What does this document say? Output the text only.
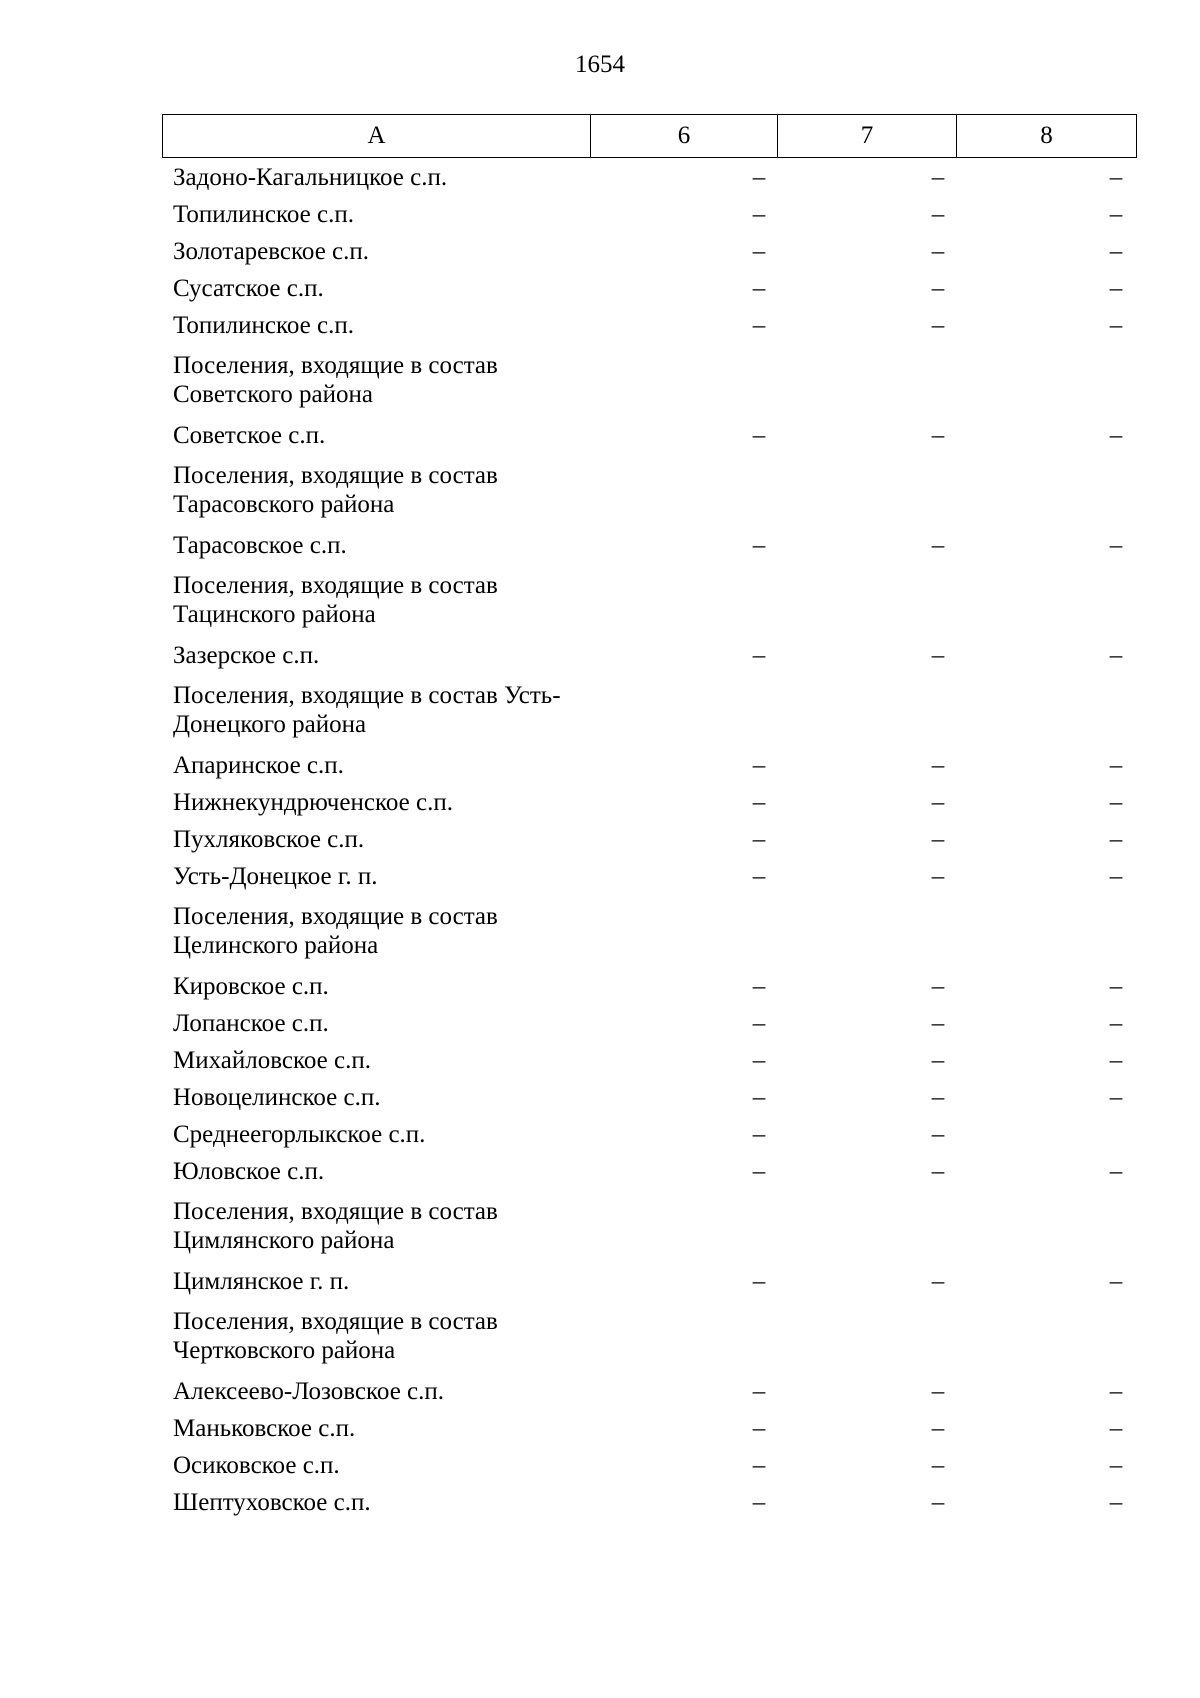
1654
А	6	7	8
Задоно-Кагальницкое с.п.	–	–	–
Топилинское с.п.	–	–	–
Золотаревское с.п.	–	–	–
Сусатское с.п.	–	–	–
Топилинское с.п.	–	–	–
Поселения, входящие в состав Советского района
Советское с.п.	–	–	–
Поселения, входящие в состав Тарасовского района
Тарасовское с.п.	–	–	–
Поселения, входящие в состав Тацинского района
Зазерское с.п.	–	–	–
Поселения, входящие в состав Усть-Донецкого района
Апаринское с.п.	–	–	–
Нижнекундрюченское с.п.	–	–	–
Пухляковское с.п.	–	–	–
Усть-Донецкое г. п.	–	–	–
Поселения, входящие в состав Целинского района
Кировское с.п.	–	–	–
Лопанское с.п.	–	–	–
Михайловское с.п.	–	–	–
Новоцелинское с.п.	–	–	–
Среднеегорлыкское с.п.	–	–
Юловское с.п.	–	–	–
Поселения, входящие в состав Цимлянского района
Цимлянское г. п.	–	–	–
Поселения, входящие в состав Чертковского района
Алексеево-Лозовское с.п.	–	–	–
Маньковское с.п.	–	–	–
Осиковское с.п.	–	–	–
Шептуховское с.п.	–	–	–
